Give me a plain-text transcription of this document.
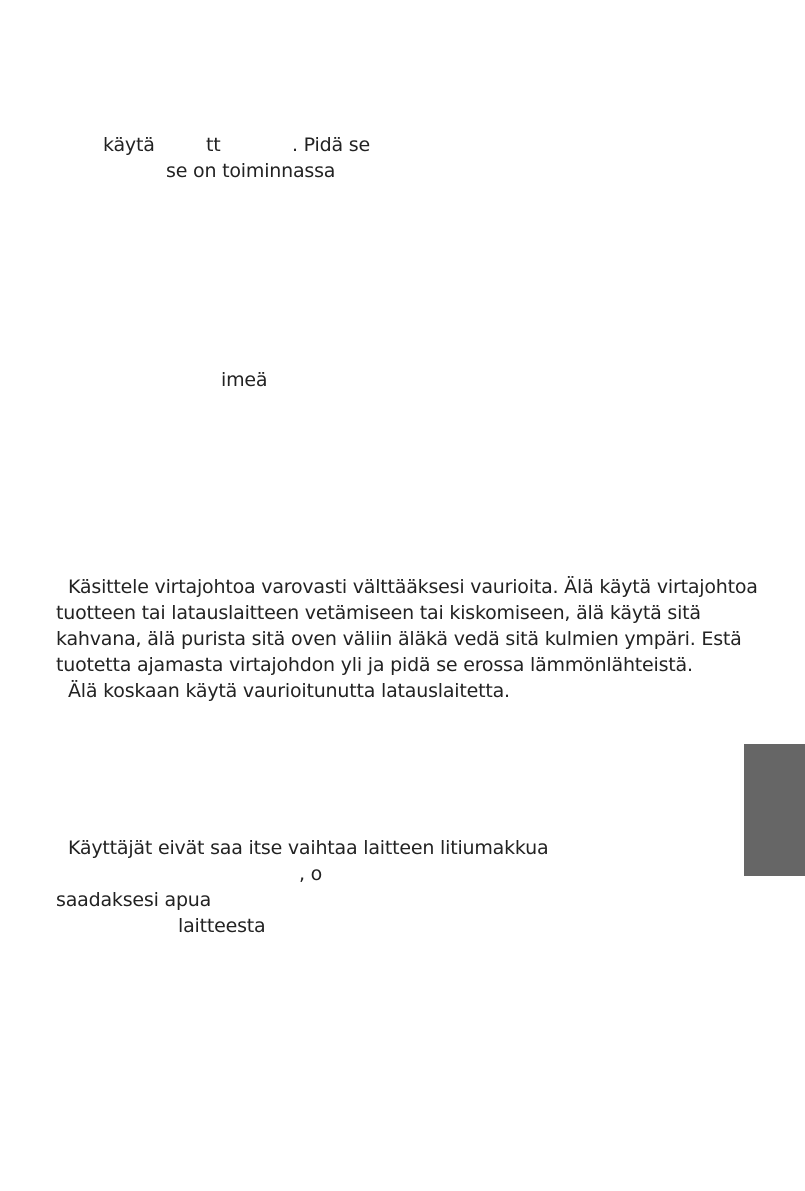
käytä	tt	. Pidä se
se on toiminnassa
imeä
Käsittele virtajohtoa varovasti välttääksesi vaurioita. Älä käytä virtajohtoa
tuotteen tai latauslaitteen vetämiseen tai kiskomiseen, älä käytä sitä
kahvana, älä purista sitä oven väliin äläkä vedä sitä kulmien ympäri. Estä
tuotetta ajamasta virtajohdon yli ja pidä se erossa lämmönlähteistä.
Älä koskaan käytä vaurioitunutta latauslaitetta.
Käyttäjät eivät saa itse vaihtaa laitteen litiumakkua
, o
saadaksesi apua
laitteesta
